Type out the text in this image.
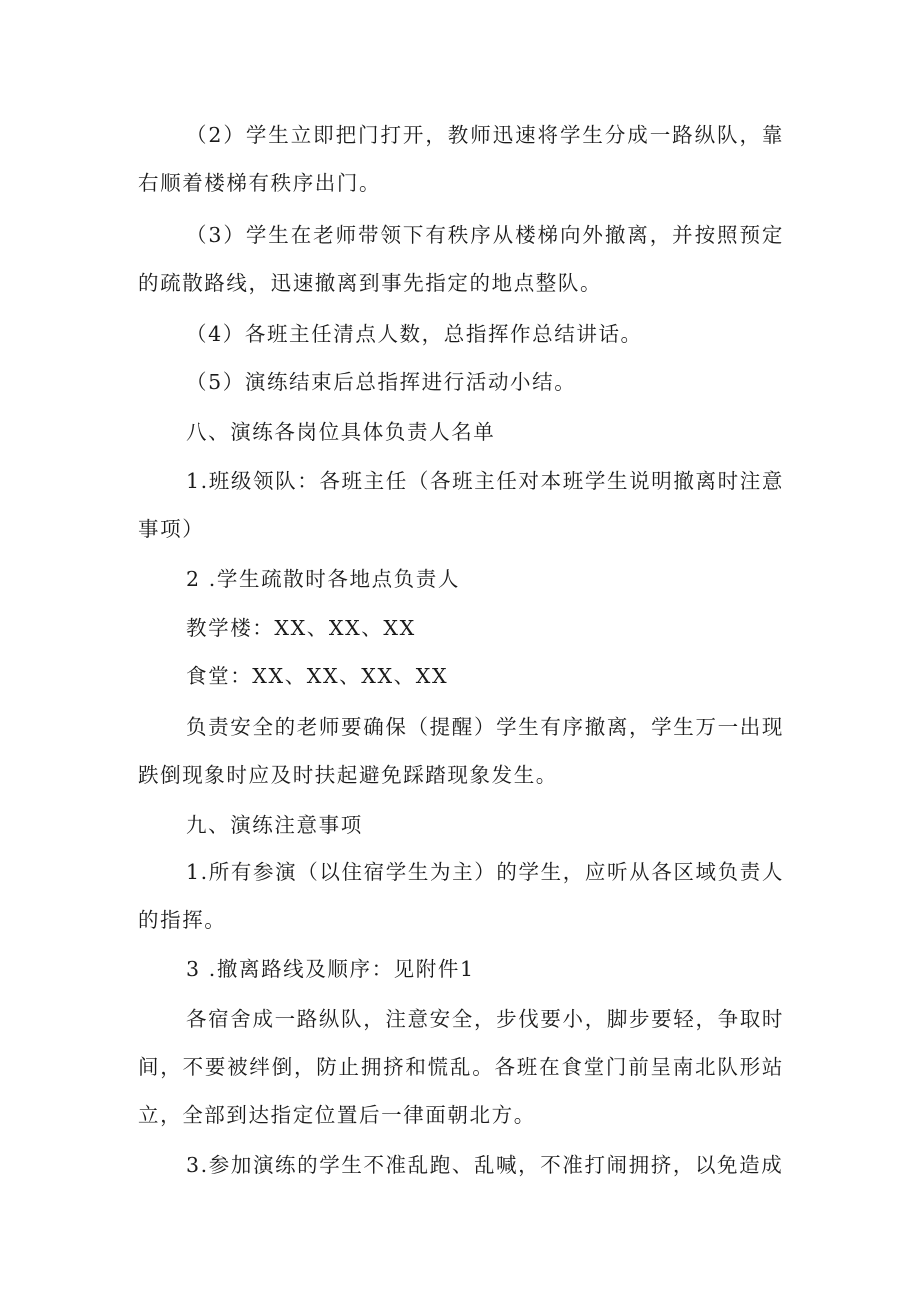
（2）学生立即把门打开，教师迅速将学生分成一路纵队，靠右顺着楼梯有秩序出门。

（3）学生在老师带领下有秩序从楼梯向外撤离，并按照预定的疏散路线，迅速撤离到事先指定的地点整队。

（4）各班主任清点人数，总指挥作总结讲话。

（5）演练结束后总指挥进行活动小结。

八、演练各岗位具体负责人名单

1.班级领队：各班主任（各班主任对本班学生说明撤离时注意事项）

2 .学生疏散时各地点负责人

教学楼：XX、XX、XX

食堂：XX、XX、XX、XX

负责安全的老师要确保（提醒）学生有序撤离，学生万一出现跌倒现象时应及时扶起避免踩踏现象发生。

九、演练注意事项

1.所有参演（以住宿学生为主）的学生，应听从各区域负责人的指挥。

3 .撤离路线及顺序：见附件1

各宿舍成一路纵队，注意安全，步伐要小，脚步要轻，争取时间，不要被绊倒，防止拥挤和慌乱。各班在食堂门前呈南北队形站立，全部到达指定位置后一律面朝北方。

3.参加演练的学生不准乱跑、乱喊，不准打闹拥挤，以免造成
